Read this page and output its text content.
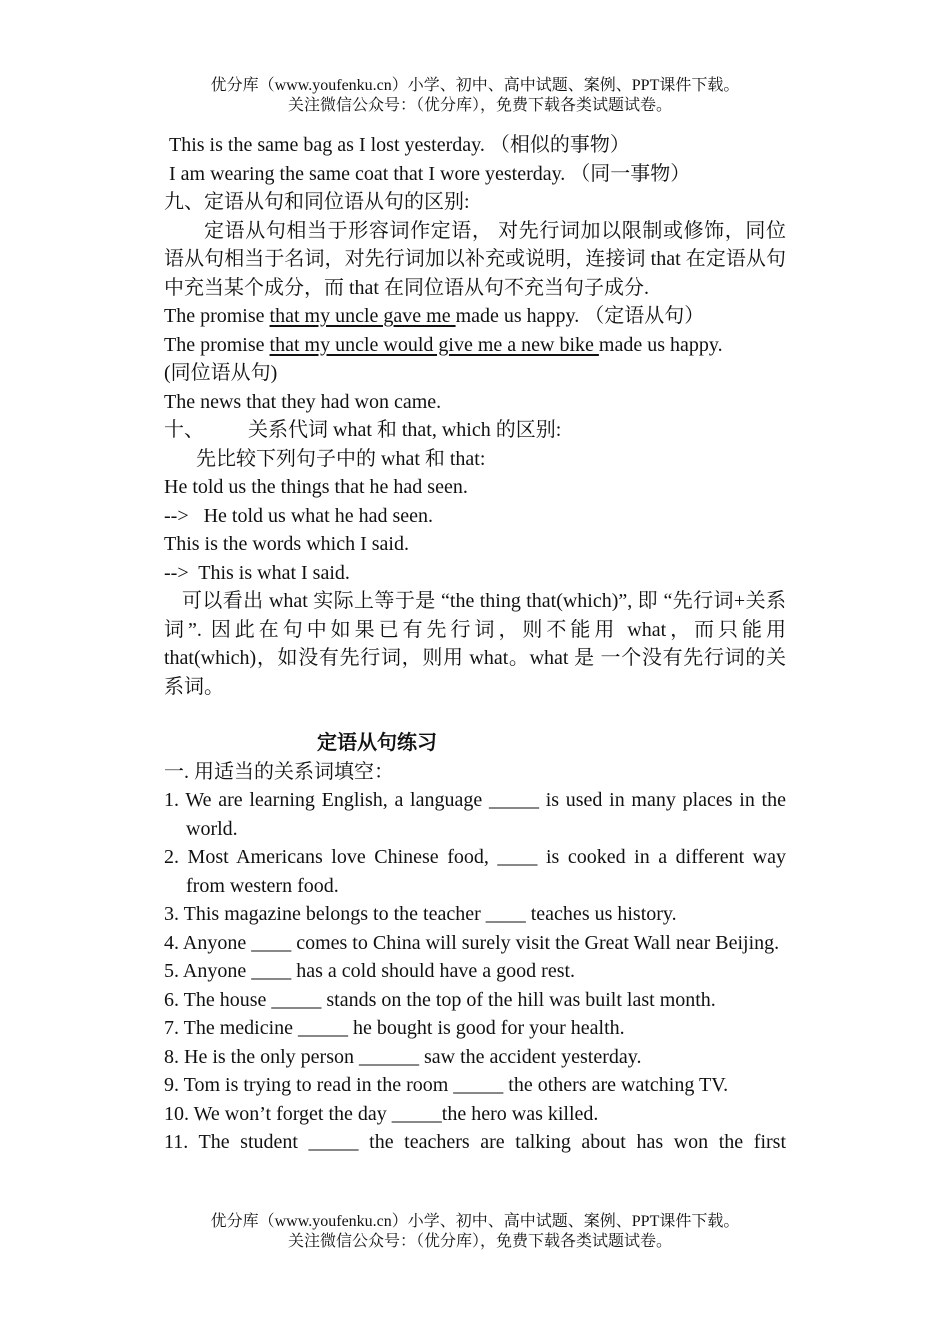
优分库（www.youfenku.cn）小学、初中、高中试题、案例、PPT课件下载。
关注微信公众号：（优分库），免费下载各类试题试卷。
This is the same bag as I lost yesterday. （相似的事物）
I am wearing the same coat that I wore yesterday. （同一事物）
九、定语从句和同位语从句的区别:
定语从句相当于形容词作定语， 对先行词加以限制或修饰，同位语从句相当于名词，对先行词加以补充或说明，连接词 that 在定语从句中充当某个成分，而 that 在同位语从句不充当句子成分.
The promise that my uncle gave me made us happy. （定语从句）
The promise that my uncle would give me a new bike made us happy.
(同位语从句)
The news that they had won came.
十、 关系代词 what 和 that, which 的区别:
先比较下列句子中的 what 和 that:
He told us the things that he had seen.
-->   He told us what he had seen.
This is the words which I said.
-->  This is what I said.
可以看出 what 实际上等于是 “the thing that(which)”, 即 “先行词+关系词”. 因此在句中如果已有先行词，则不能用 what，而只能用 that(which)，如没有先行词，则用 what。what 是 一个没有先行词的关系词。
定语从句练习
一. 用适当的关系词填空：
1. We are learning English, a language _____ is used in many places in the world.
2. Most Americans love Chinese food, ____ is cooked in a different way from western food.
3. This magazine belongs to the teacher ____ teaches us history.
4. Anyone ____ comes to China will surely visit the Great Wall near Beijing.
5. Anyone ____ has a cold should have a good rest.
6. The house _____ stands on the top of the hill was built last month.
7. The medicine _____ he bought is good for your health.
8. He is the only person ______ saw the accident yesterday.
9. Tom is trying to read in the room _____ the others are watching TV.
10. We won’t forget the day _____the hero was killed.
11. The student _____ the teachers are talking about has won the first
优分库（www.youfenku.cn）小学、初中、高中试题、案例、PPT课件下载。
关注微信公众号：（优分库），免费下载各类试题试卷。
